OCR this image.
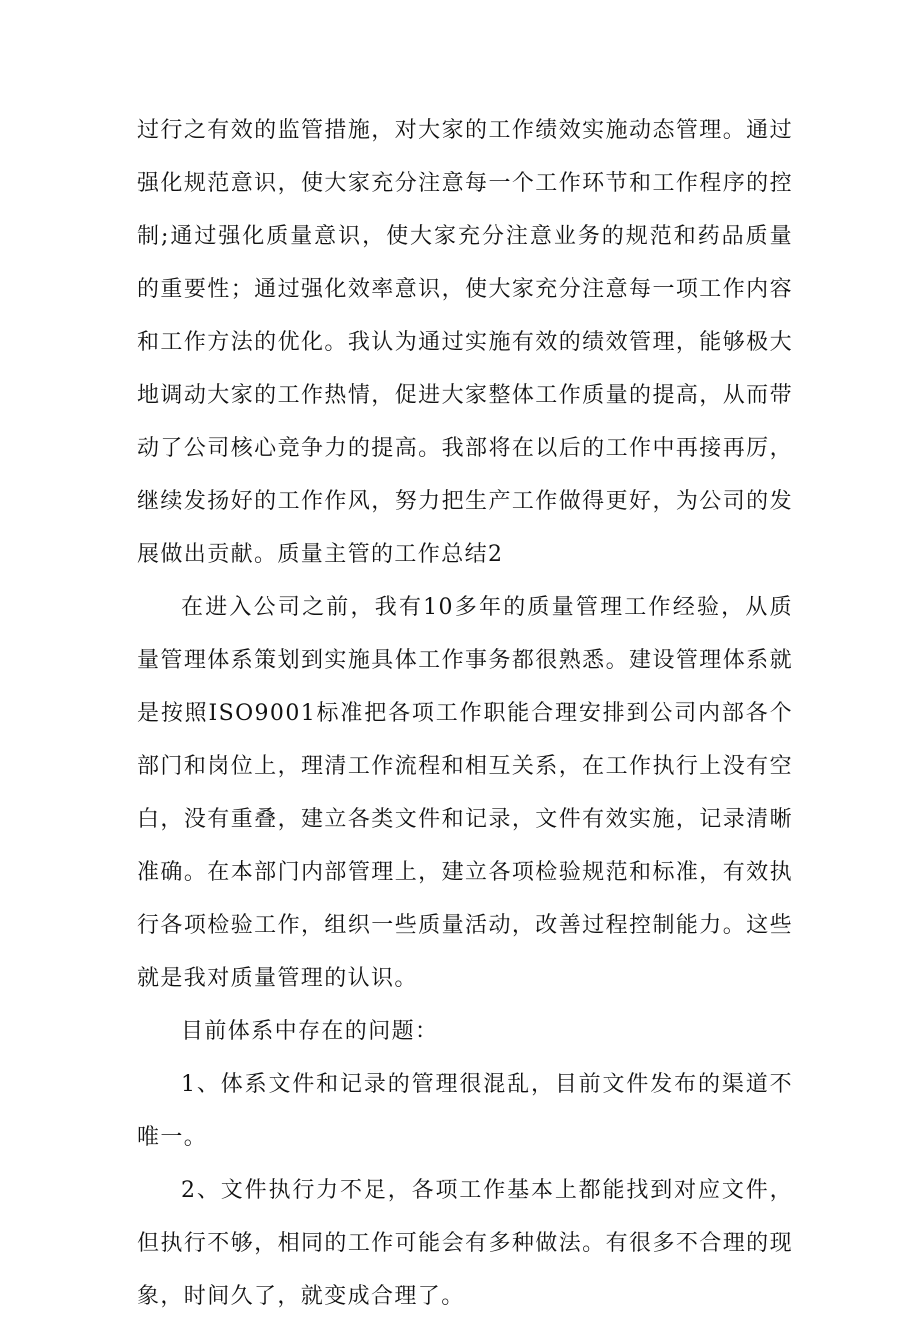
过行之有效的监管措施，对大家的工作绩效实施动态管理。通过强化规范意识，使大家充分注意每一个工作环节和工作程序的控制;通过强化质量意识，使大家充分注意业务的规范和药品质量的重要性；通过强化效率意识，使大家充分注意每一项工作内容和工作方法的优化。我认为通过实施有效的绩效管理，能够极大地调动大家的工作热情，促进大家整体工作质量的提高，从而带动了公司核心竞争力的提高。我部将在以后的工作中再接再厉，继续发扬好的工作作风，努力把生产工作做得更好，为公司的发展做出贡献。质量主管的工作总结2

在进入公司之前，我有10多年的质量管理工作经验，从质量管理体系策划到实施具体工作事务都很熟悉。建设管理体系就是按照ISO9001标准把各项工作职能合理安排到公司内部各个部门和岗位上，理清工作流程和相互关系，在工作执行上没有空白，没有重叠，建立各类文件和记录，文件有效实施，记录清晰准确。在本部门内部管理上，建立各项检验规范和标准，有效执行各项检验工作，组织一些质量活动，改善过程控制能力。这些就是我对质量管理的认识。

目前体系中存在的问题：

1、体系文件和记录的管理很混乱，目前文件发布的渠道不唯一。

2、文件执行力不足，各项工作基本上都能找到对应文件，但执行不够，相同的工作可能会有多种做法。有很多不合理的现象，时间久了，就变成合理了。
